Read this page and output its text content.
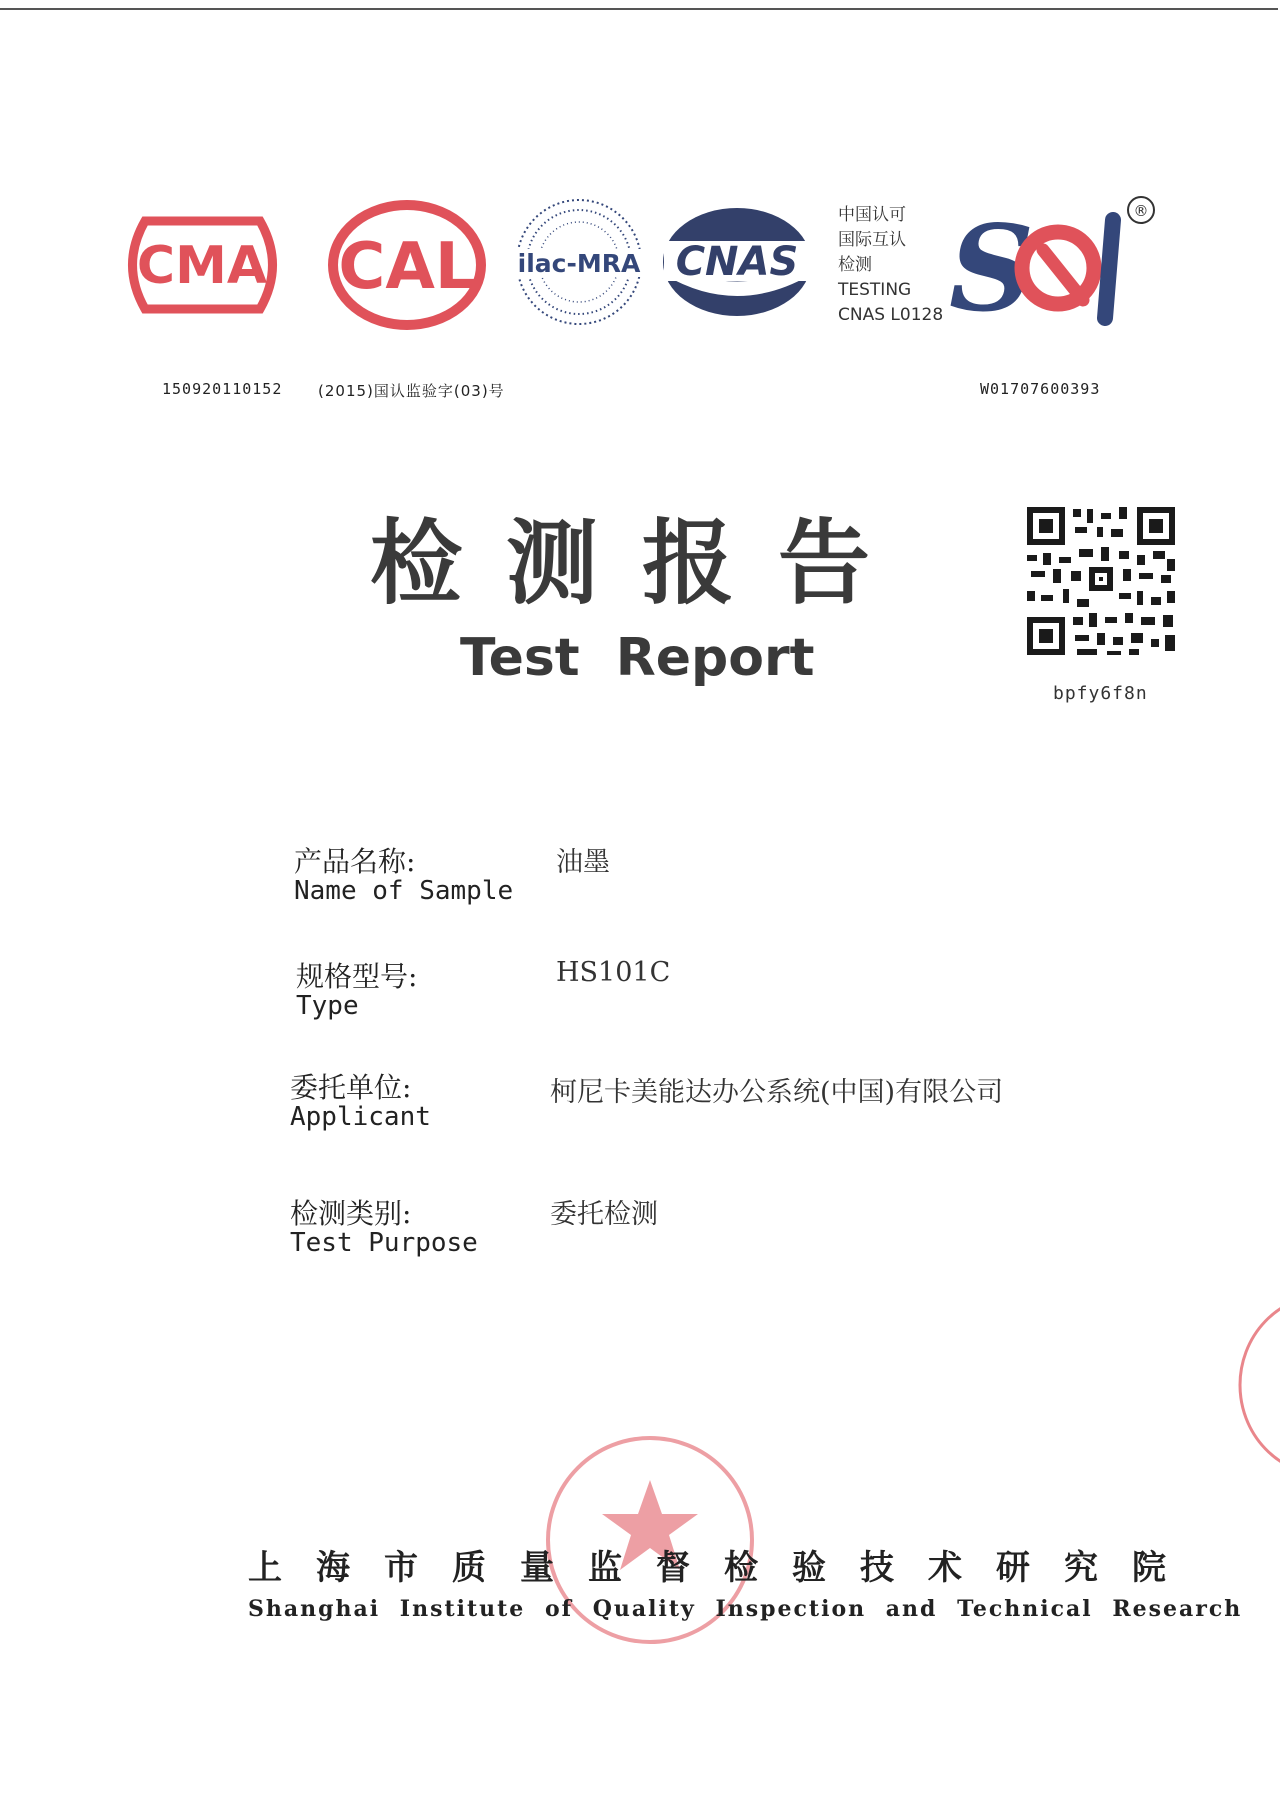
CMA CAL ilac-MRA CNAS
中国认可
国际互认
检测
TESTING
CNAS L0128 S	®
150920110152 (2015)国认监验字(03)号	W01707600393
检测报告
Test Report
bpfy6f8n
产品名称:
Name of Sample
油墨
规格型号:
Type
HS101C
委托单位:
Applicant
柯尼卡美能达办公系统(中国)有限公司
检测类别:
Test Purpose
委托检测
上海市质量监督检验技术研究院
Shanghai Institute of Quality Inspection and Technical Research
